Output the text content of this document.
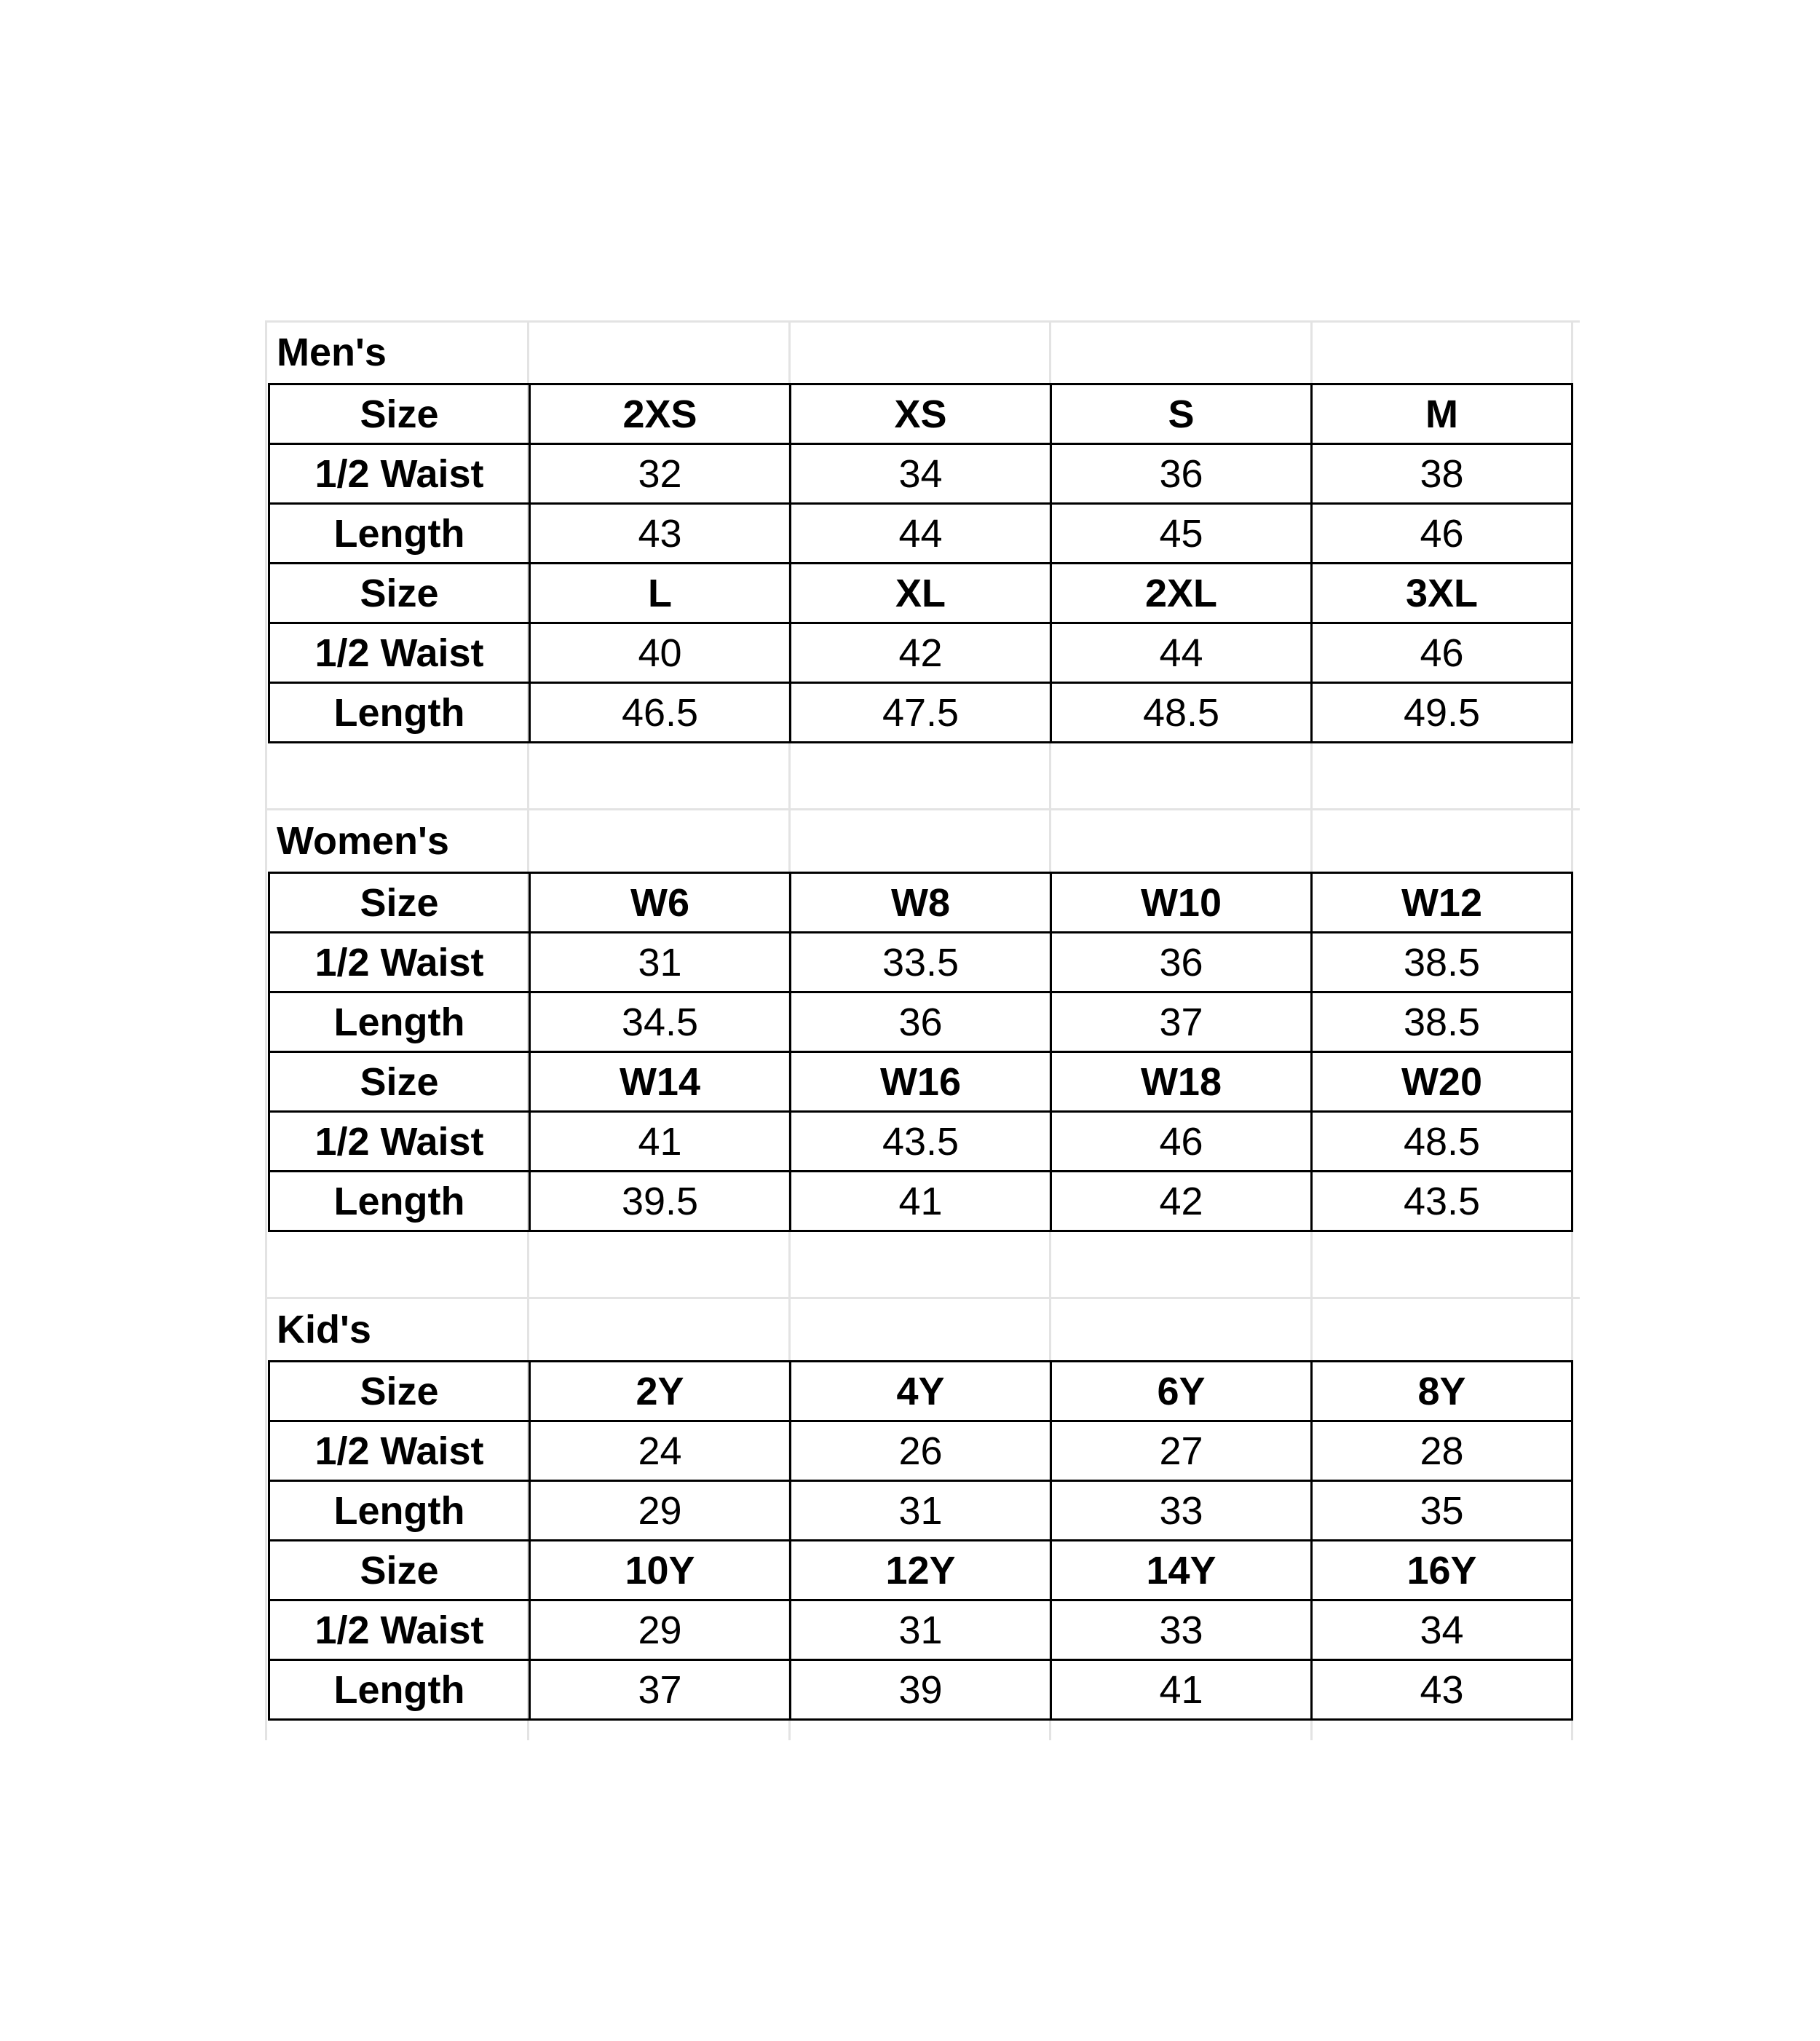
Men's
Size	2XS	XS	S	M
1/2 Waist	32	34	36	38
Length	43	44	45	46
Size	L	XL	2XL	3XL
1/2 Waist	40	42	44	46
Length	46.5	47.5	48.5	49.5
Women's
Size	W6	W8	W10	W12
1/2 Waist	31	33.5	36	38.5
Length	34.5	36	37	38.5
Size	W14	W16	W18	W20
1/2 Waist	41	43.5	46	48.5
Length	39.5	41	42	43.5
Kid's
Size	2Y	4Y	6Y	8Y
1/2 Waist	24	26	27	28
Length	29	31	33	35
Size	10Y	12Y	14Y	16Y
1/2 Waist	29	31	33	34
Length	37	39	41	43
